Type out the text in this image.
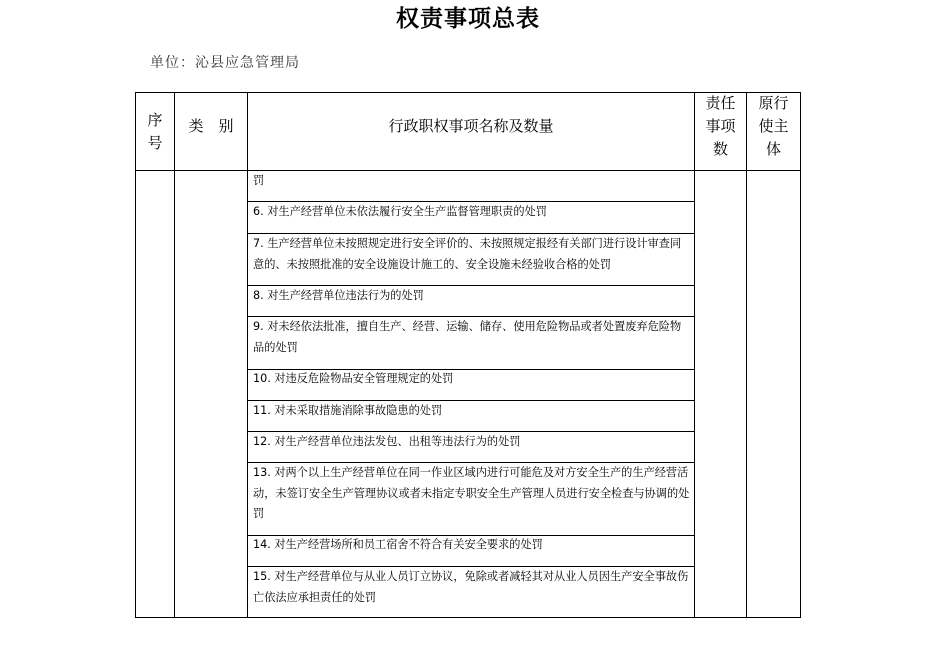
权责事项总表
单位：沁县应急管理局
序号
类　别	行政职权事项名称及数量
责任事项数
原行使主体
罚
6. 对生产经营单位未依法履行安全生产监督管理职责的处罚
7. 生产经营单位未按照规定进行安全评价的、未按照规定报经有关部门进行设计审查同意的、未按照批准的安全设施设计施工的、安全设施未经验收合格的处罚
8. 对生产经营单位违法行为的处罚
9. 对未经依法批准，擅自生产、经营、运输、储存、使用危险物品或者处置废弃危险物品的处罚
10. 对违反危险物品安全管理规定的处罚
11. 对未采取措施消除事故隐患的处罚
12. 对生产经营单位违法发包、出租等违法行为的处罚
13. 对两个以上生产经营单位在同一作业区域内进行可能危及对方安全生产的生产经营活动，未签订安全生产管理协议或者未指定专职安全生产管理人员进行安全检查与协调的处罚
14. 对生产经营场所和员工宿舍不符合有关安全要求的处罚
15. 对生产经营单位与从业人员订立协议，免除或者减轻其对从业人员因生产安全事故伤亡依法应承担责任的处罚
